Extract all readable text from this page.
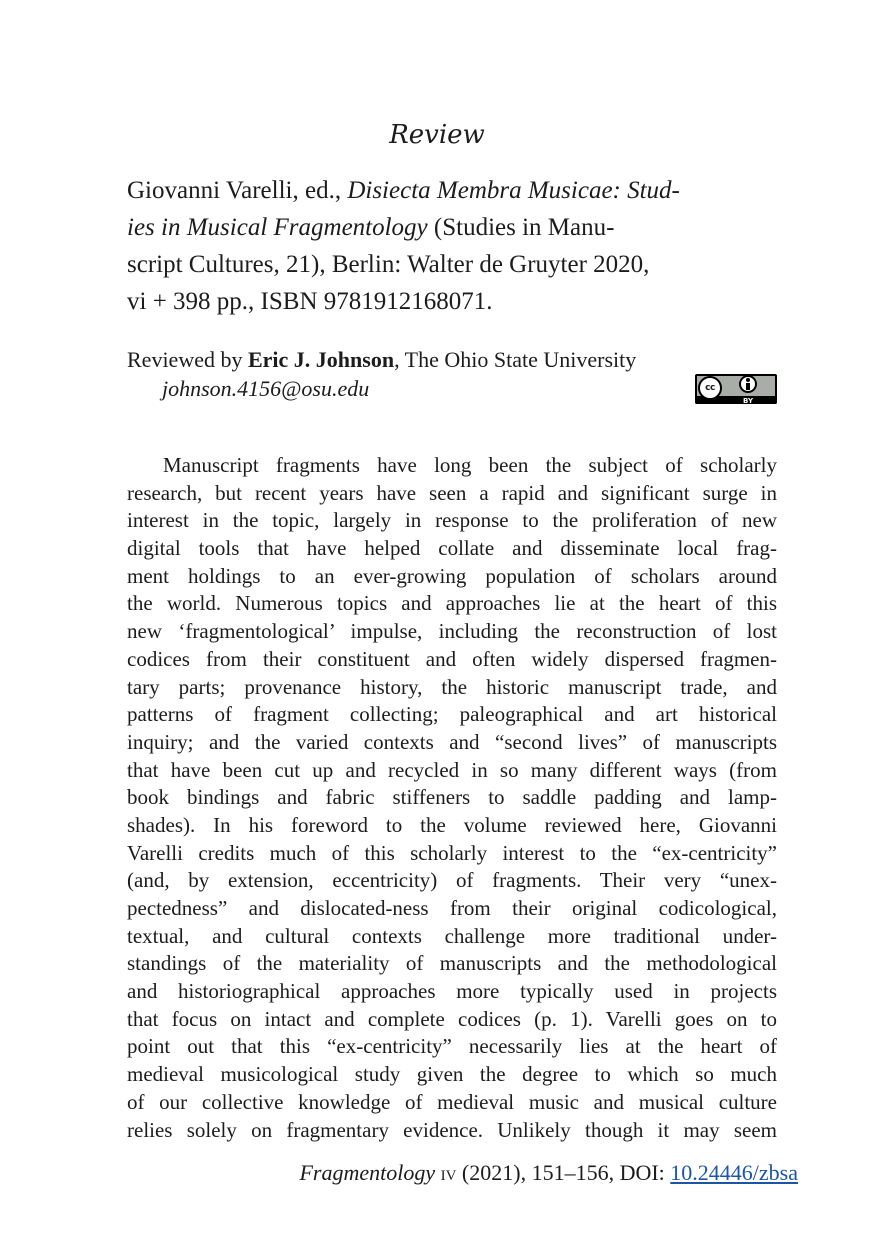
Review
Giovanni Varelli, ed., Disiecta Membra Musicae: Stud-
ies in Musical Fragmentology (Studies in Manu-
script Cultures, 21), Berlin: Walter de Gruyter 2020,
vi + 398 pp., ISBN 9781912168071.
Reviewed by Eric J. Johnson, The Ohio State University
johnson.4156@osu.edu	cc
BY
Manuscript fragments have long been the subject of scholarly
research, but recent years have seen a rapid and significant surge in
interest in the topic, largely in response to the proliferation of new
digital tools that have helped collate and disseminate local frag-
ment holdings to an ever-growing population of scholars around
the world. Numerous topics and approaches lie at the heart of this
new ‘fragmentological’ impulse, including the reconstruction of lost
codices from their constituent and often widely dispersed fragmen-
tary parts; provenance history, the historic manuscript trade, and
patterns of fragment collecting; paleographical and art historical
inquiry; and the varied contexts and “second lives” of manuscripts
that have been cut up and recycled in so many different ways (from
book bindings and fabric stiffeners to saddle padding and lamp-
shades). In his foreword to the volume reviewed here, Giovanni
Varelli credits much of this scholarly interest to the “ex-centricity”
(and, by extension, eccentricity) of fragments. Their very “unex-
pectedness” and dislocated-ness from their original codicological,
textual, and cultural contexts challenge more traditional under-
standings of the materiality of manuscripts and the methodological
and historiographical approaches more typically used in projects
that focus on intact and complete codices (p. 1). Varelli goes on to
point out that this “ex-centricity” necessarily lies at the heart of
medieval musicological study given the degree to which so much
of our collective knowledge of medieval music and musical culture
relies solely on fragmentary evidence. Unlikely though it may seem
Fragmentology iv (2021), 151–156, DOI: 10.24446/zbsa
